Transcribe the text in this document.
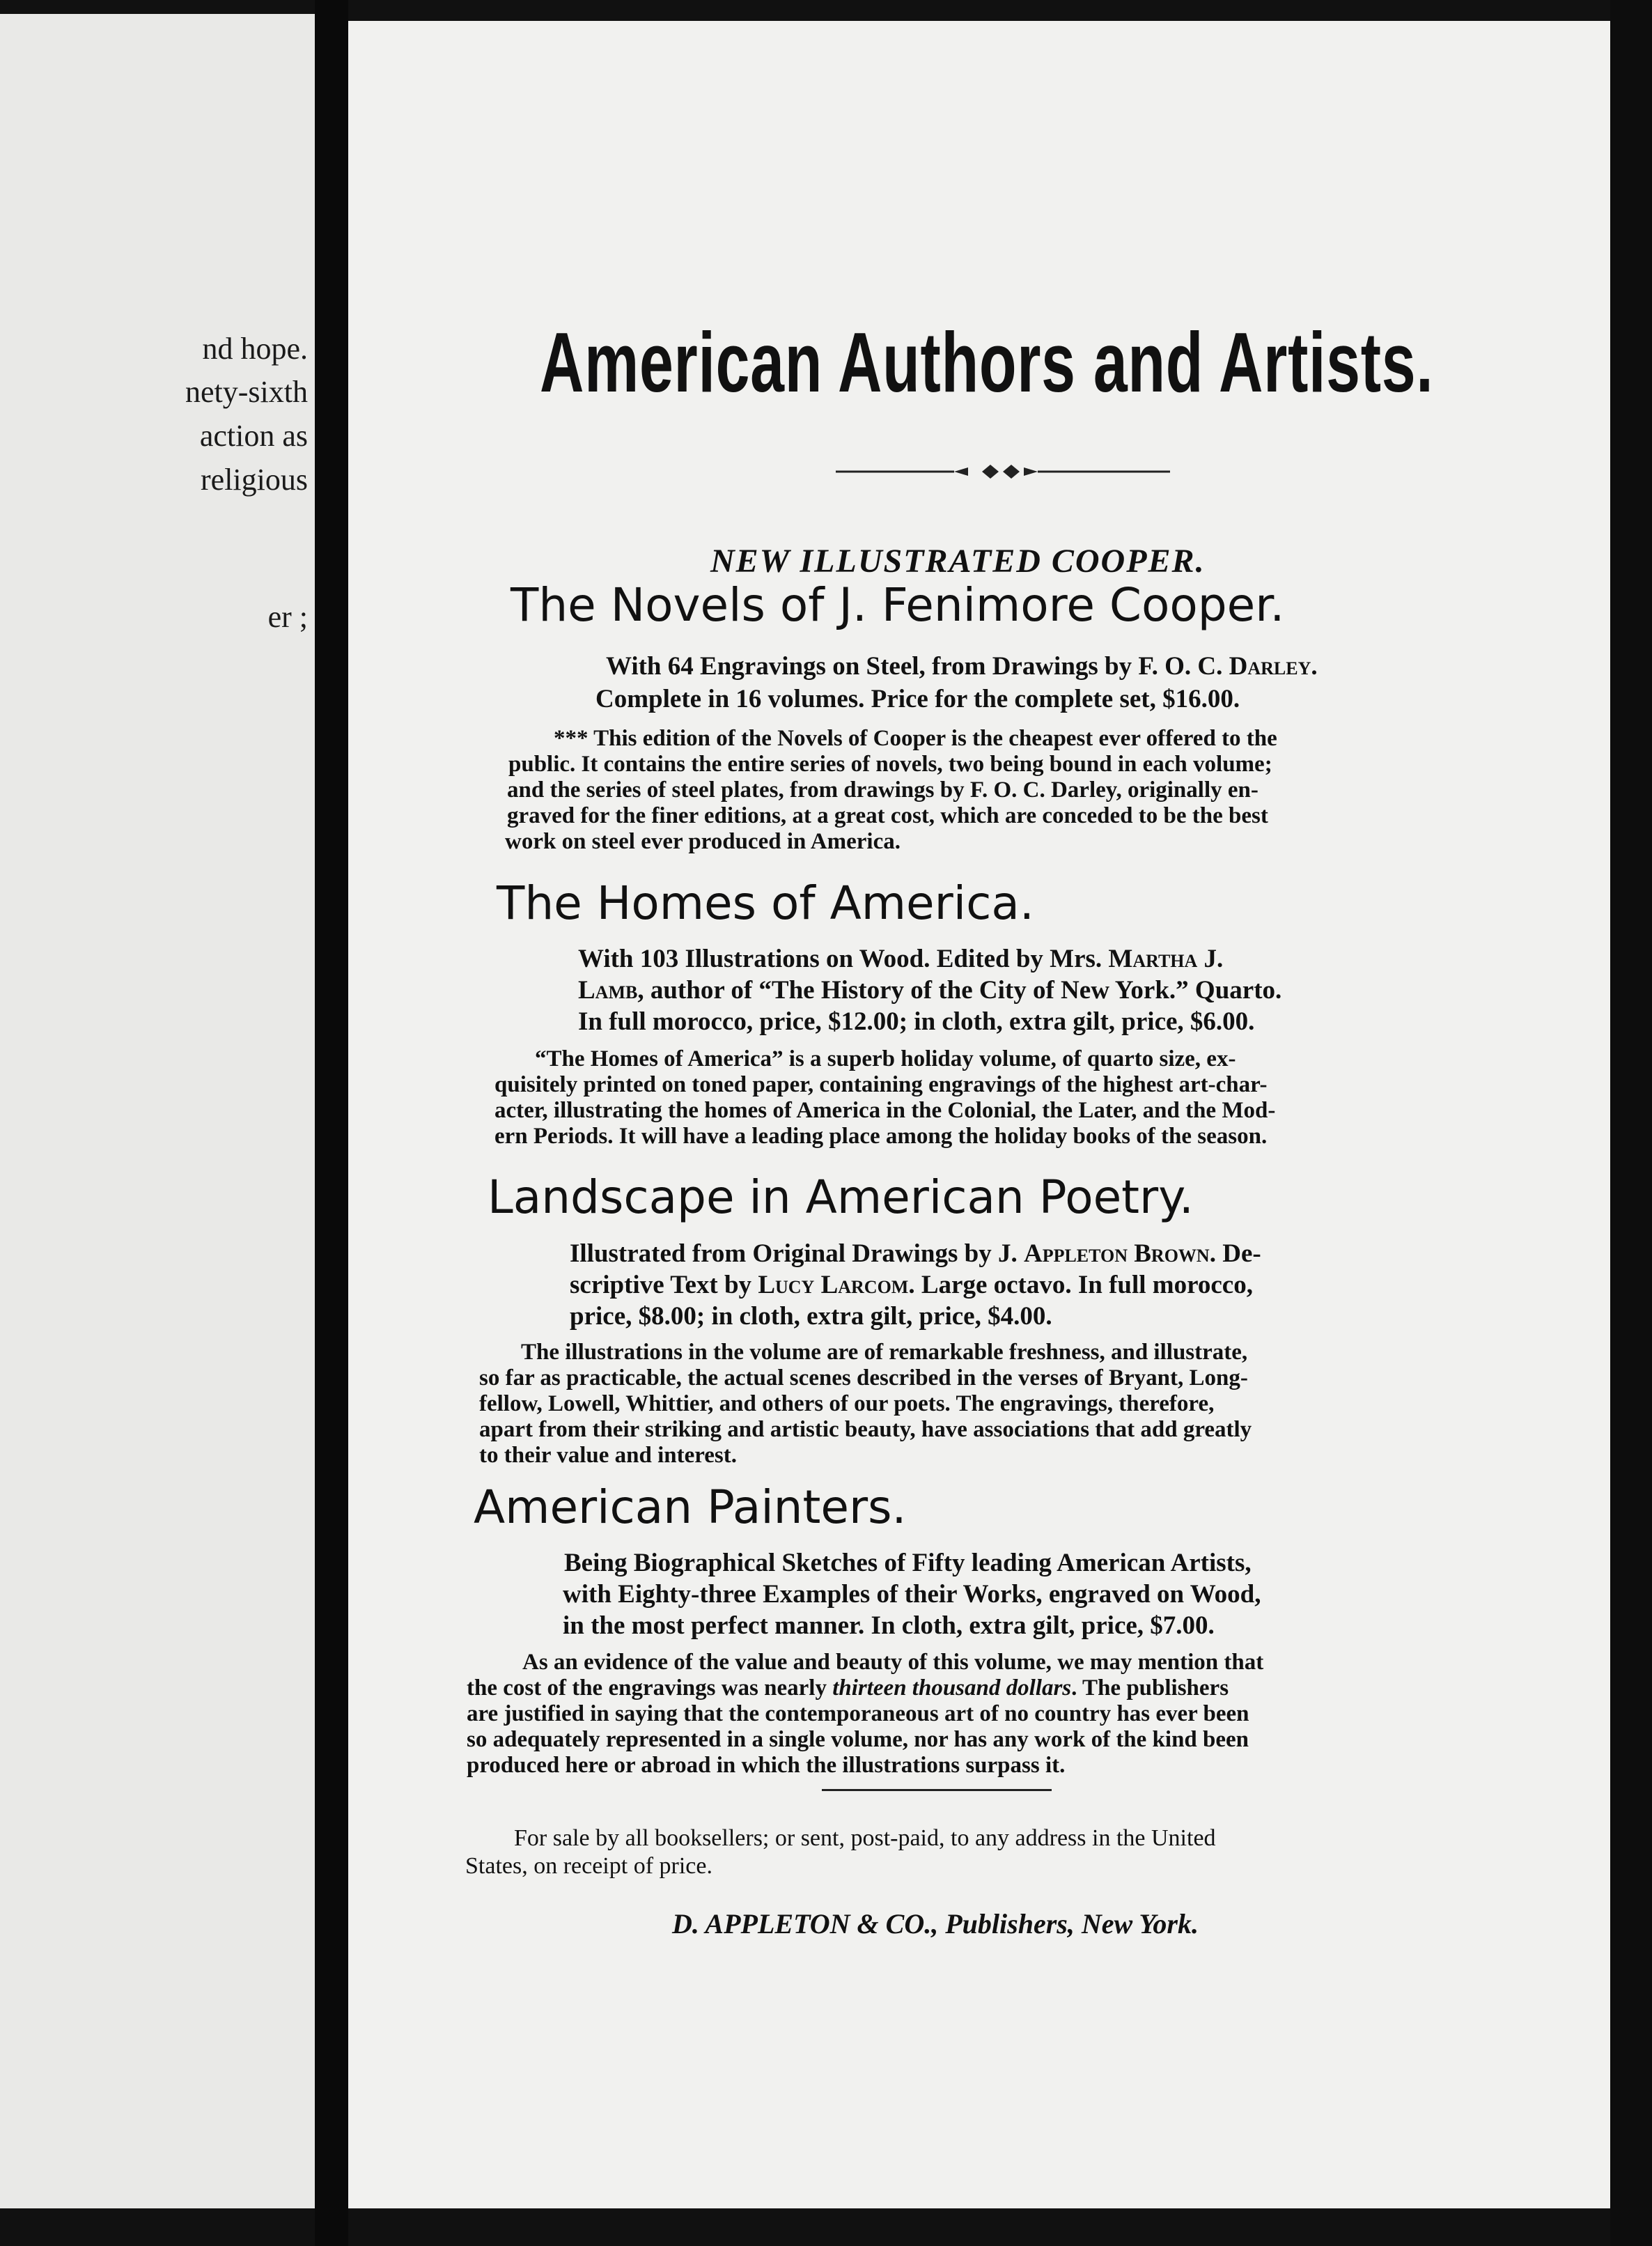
nd hope.
nety-sixth
action as
religious
er ;
American Authors and Artists.
NEW ILLUSTRATED COOPER.
The Novels of J. Fenimore Cooper.
With 64 Engravings on Steel, from Drawings by F. O. C. Darley.
Complete in 16 volumes. Price for the complete set, $16.00.
*** This edition of the Novels of Cooper is the cheapest ever offered to the
public. It contains the entire series of novels, two being bound in each volume;
and the series of steel plates, from drawings by F. O. C. Darley, originally en-
graved for the finer editions, at a great cost, which are conceded to be the best
work on steel ever produced in America.
The Homes of America.
With 103 Illustrations on Wood. Edited by Mrs. Martha J.
Lamb, author of “The History of the City of New York.” Quarto.
In full morocco, price, $12.00; in cloth, extra gilt, price, $6.00.
“The Homes of America” is a superb holiday volume, of quarto size, ex-
quisitely printed on toned paper, containing engravings of the highest art-char-
acter, illustrating the homes of America in the Colonial, the Later, and the Mod-
ern Periods. It will have a leading place among the holiday books of the season.
Landscape in American Poetry.
Illustrated from Original Drawings by J. Appleton Brown. De-
scriptive Text by Lucy Larcom. Large octavo. In full morocco,
price, $8.00; in cloth, extra gilt, price, $4.00.
The illustrations in the volume are of remarkable freshness, and illustrate,
so far as practicable, the actual scenes described in the verses of Bryant, Long-
fellow, Lowell, Whittier, and others of our poets. The engravings, therefore,
apart from their striking and artistic beauty, have associations that add greatly
to their value and interest.
American Painters.
Being Biographical Sketches of Fifty leading American Artists,
with Eighty-three Examples of their Works, engraved on Wood,
in the most perfect manner. In cloth, extra gilt, price, $7.00.
As an evidence of the value and beauty of this volume, we may mention that
the cost of the engravings was nearly thirteen thousand dollars. The publishers
are justified in saying that the contemporaneous art of no country has ever been
so adequately represented in a single volume, nor has any work of the kind been
produced here or abroad in which the illustrations surpass it.
For sale by all booksellers; or sent, post-paid, to any address in the United
States, on receipt of price.
D. APPLETON & CO., Publishers, New York.
